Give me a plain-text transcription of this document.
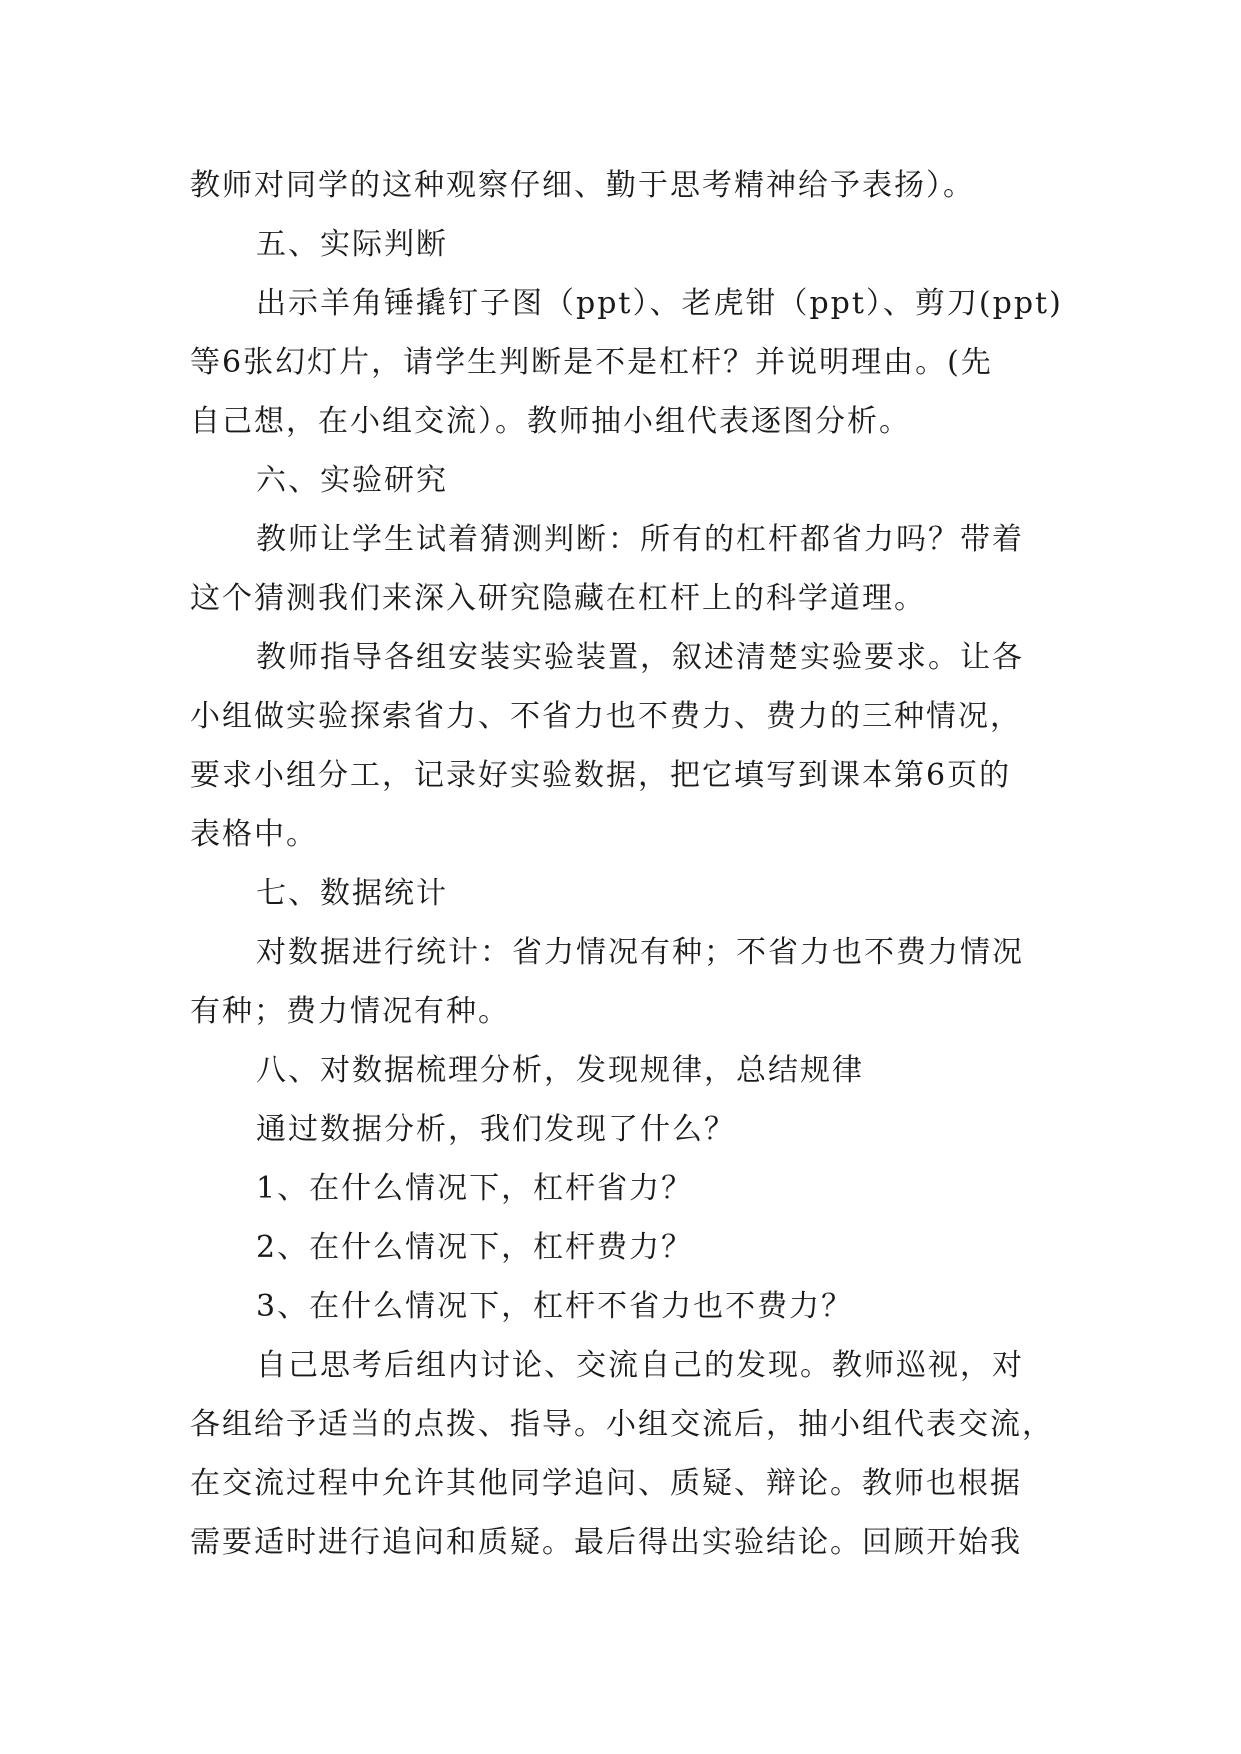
教师对同学的这种观察仔细、勤于思考精神给予表扬）。
五、实际判断
出示羊角锤撬钉子图（ppt）、老虎钳（ppt）、剪刀(ppt)
等6张幻灯片，请学生判断是不是杠杆？并说明理由。(先
自己想，在小组交流）。教师抽小组代表逐图分析。
六、实验研究
教师让学生试着猜测判断：所有的杠杆都省力吗？带着
这个猜测我们来深入研究隐藏在杠杆上的科学道理。
教师指导各组安装实验装置，叙述清楚实验要求。让各
小组做实验探索省力、不省力也不费力、费力的三种情况，
要求小组分工，记录好实验数据，把它填写到课本第6页的
表格中。
七、数据统计
对数据进行统计：省力情况有种；不省力也不费力情况
有种；费力情况有种。
八、对数据梳理分析，发现规律，总结规律
通过数据分析，我们发现了什么？
1、在什么情况下，杠杆省力？
2、在什么情况下，杠杆费力？
3、在什么情况下，杠杆不省力也不费力？
自己思考后组内讨论、交流自己的发现。教师巡视，对
各组给予适当的点拨、指导。小组交流后，抽小组代表交流，
在交流过程中允许其他同学追问、质疑、辩论。教师也根据
需要适时进行追问和质疑。最后得出实验结论。回顾开始我
